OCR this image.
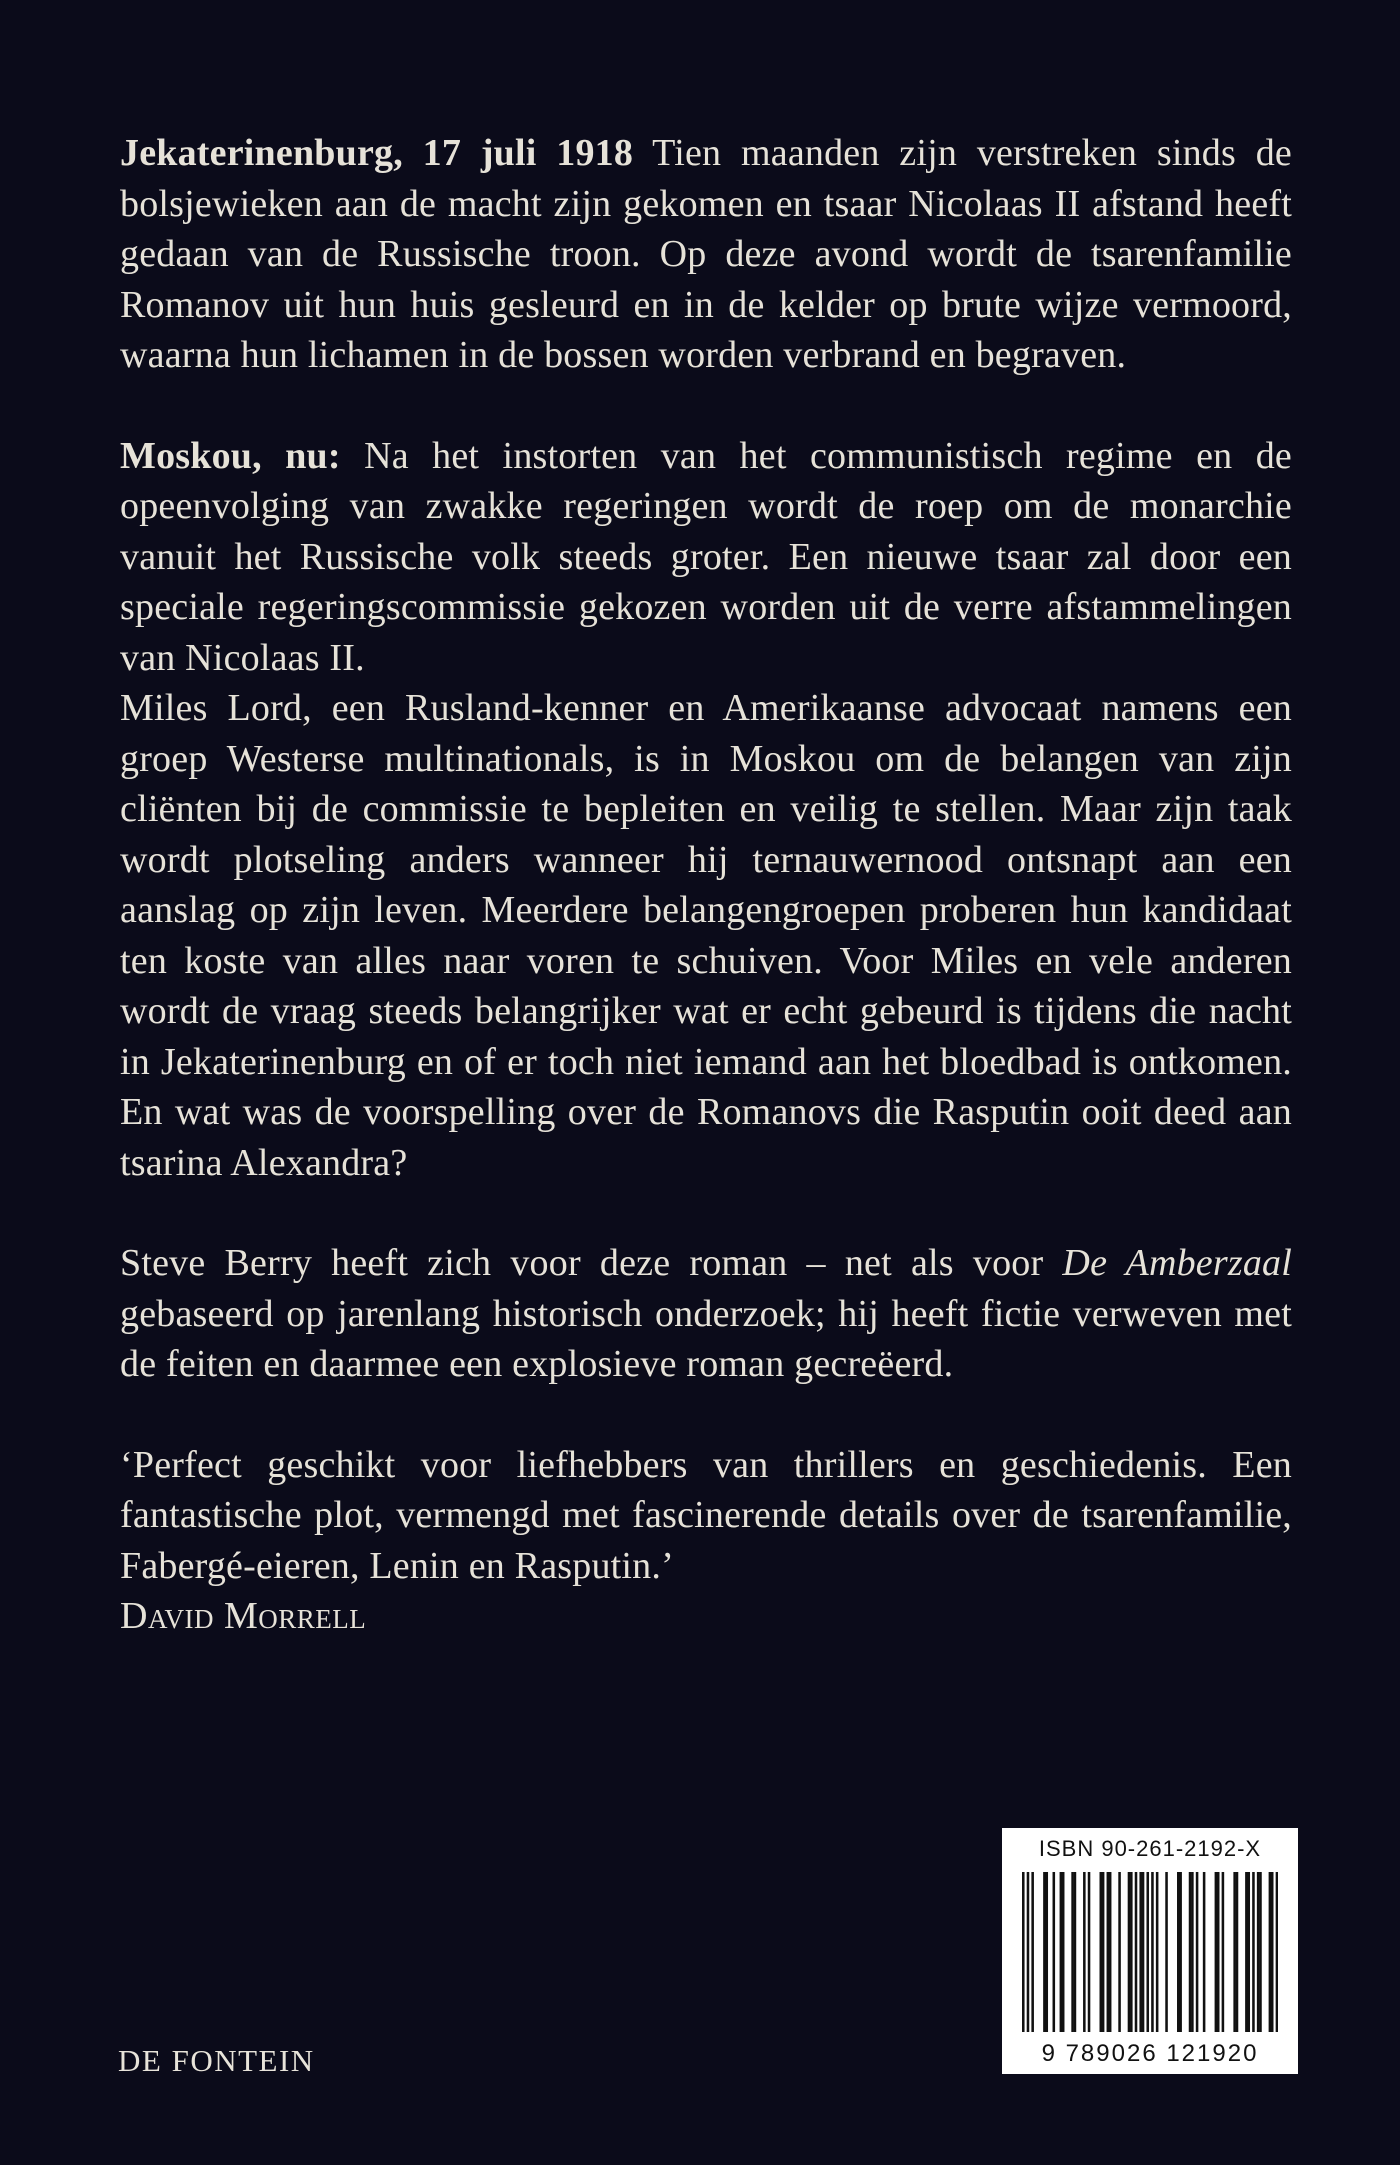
Jekaterinenburg, 17 juli 1918 Tien maanden zijn verstreken sinds de bolsjewieken aan de macht zijn gekomen en tsaar Nicolaas II afstand heeft gedaan van de Russische troon. Op deze avond wordt de tsarenfamilie Romanov uit hun huis gesleurd en in de kelder op brute wijze vermoord, waarna hun lichamen in de bossen worden verbrand en begraven.

Moskou, nu: Na het instorten van het communistisch regime en de opeenvolging van zwakke regeringen wordt de roep om de monarchie vanuit het Russische volk steeds groter. Een nieuwe tsaar zal door een speciale regeringscommissie gekozen worden uit de verre afstammelingen van Nicolaas II.

Miles Lord, een Rusland-kenner en Amerikaanse advocaat namens een groep Westerse multinationals, is in Moskou om de belangen van zijn cliënten bij de commissie te bepleiten en veilig te stellen. Maar zijn taak wordt plotseling anders wanneer hij ternauwernood ontsnapt aan een aanslag op zijn leven. Meerdere belangengroepen proberen hun kandidaat ten koste van alles naar voren te schuiven. Voor Miles en vele anderen wordt de vraag steeds belangrijker wat er echt gebeurd is tijdens die nacht in Jekaterinenburg en of er toch niet iemand aan het bloedbad is ontkomen. En wat was de voorspelling over de Romanovs die Rasputin ooit deed aan tsarina Alexandra?

Steve Berry heeft zich voor deze roman – net als voor De Amberzaal gebaseerd op jarenlang historisch onderzoek; hij heeft fictie verweven met de feiten en daarmee een explosieve roman gecreëerd.

‘Perfect geschikt voor liefhebbers van thrillers en geschiedenis. Een fantastische plot, vermengd met fascinerende details over de tsarenfamilie, Fabergé-eieren, Lenin en Rasputin.’

David Morrell

DE FONTEIN
ISBN 90-261-2192-X
9 789026 121920
